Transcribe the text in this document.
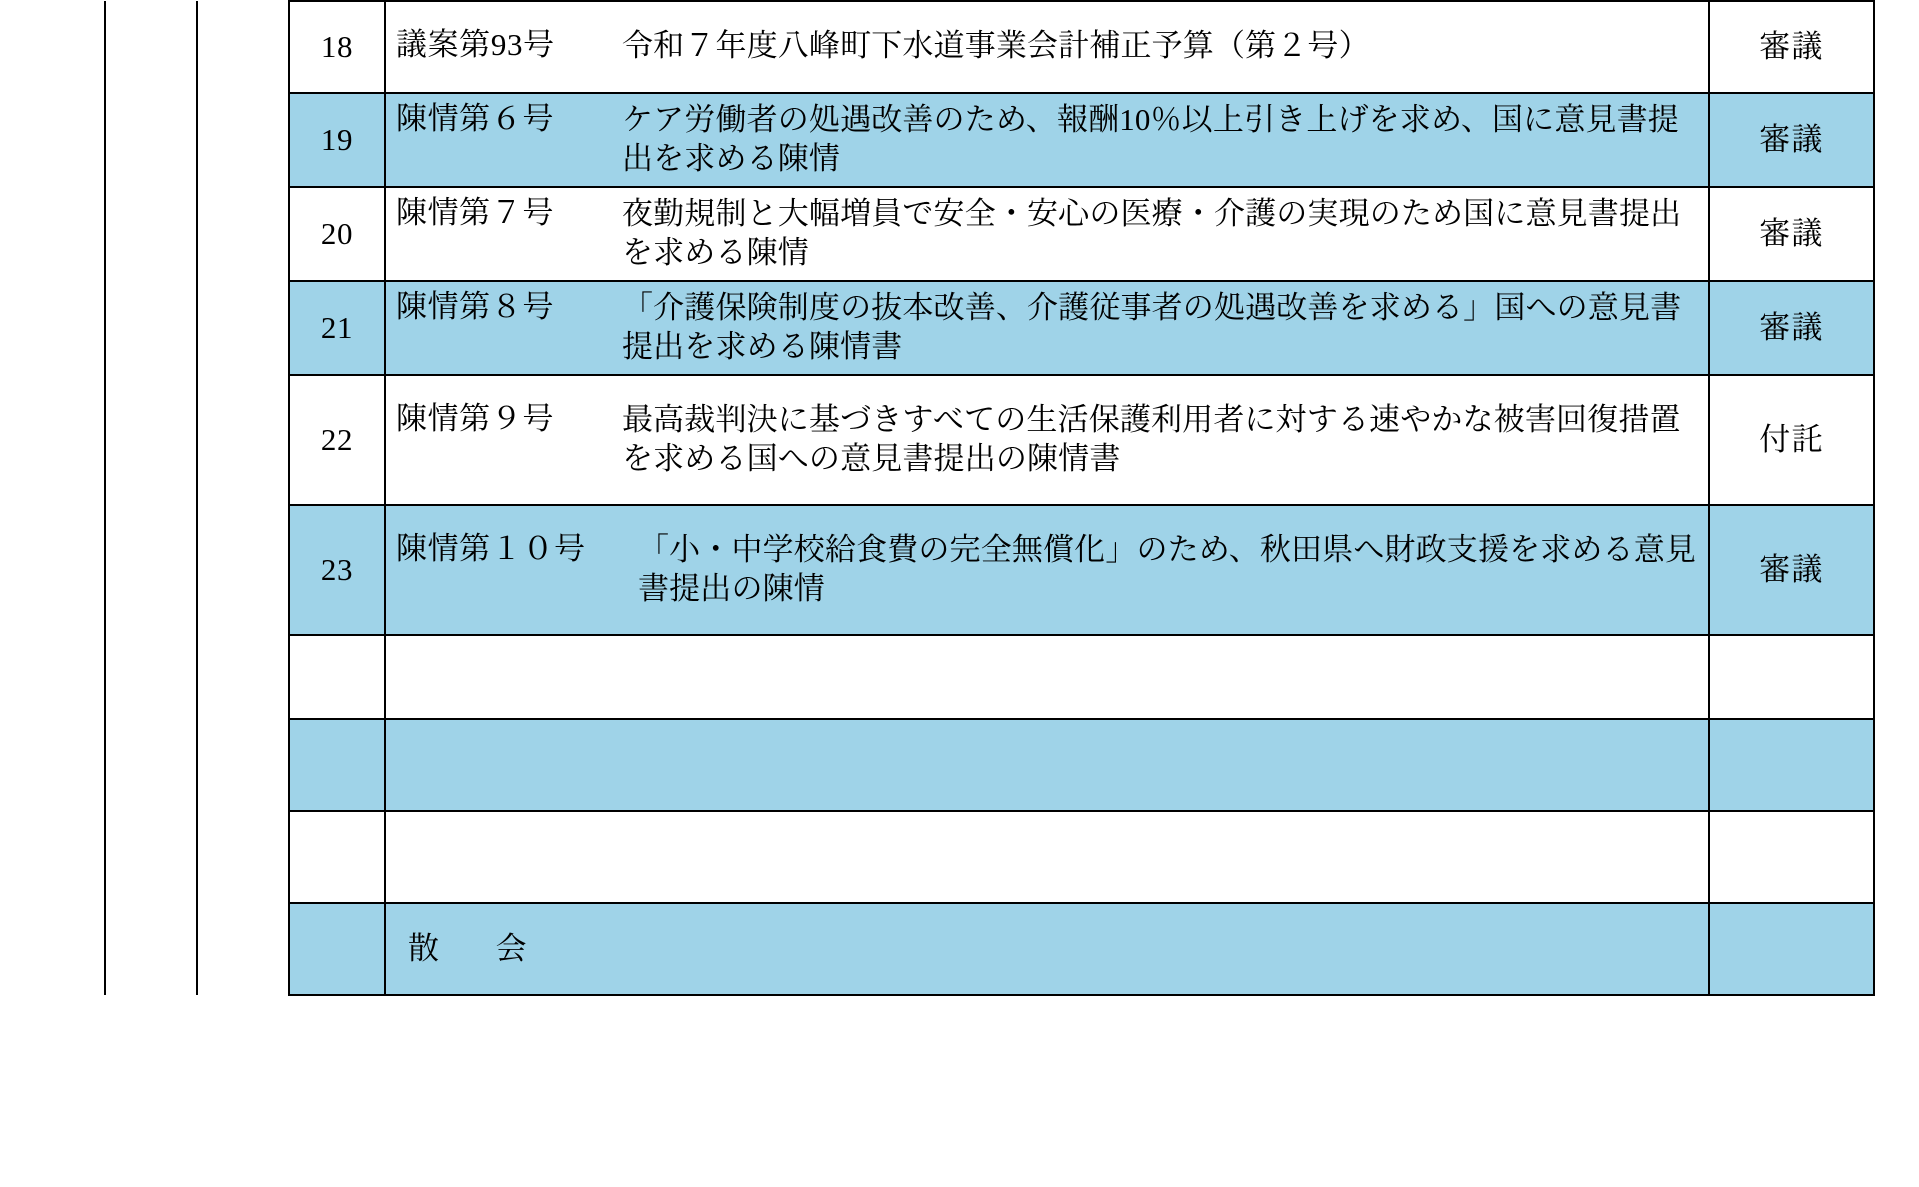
		18	議案第93号 令和７年度八峰町下水道事業会計補正予算（第２号）	審議
		19	陳情第６号 ケア労働者の処遇改善のため、報酬10％以上引き上げを求め、国に意見書提出を求める陳情	審議
		20	陳情第７号 夜勤規制と大幅増員で安全・安心の医療・介護の実現のため国に意見書提出を求める陳情	審議
		21	陳情第８号 「介護保険制度の抜本改善、介護従事者の処遇改善を求める」国への意見書提出を求める陳情書	審議
		22	陳情第９号 最高裁判決に基づきすべての生活保護利用者に対する速やかな被害回復措置を求める国への意見書提出の陳情書	付託
		23	陳情第１０号 「小・中学校給食費の完全無償化」のため、秋田県へ財政支援を求める意見書提出の陳情	審議

			散 会	
